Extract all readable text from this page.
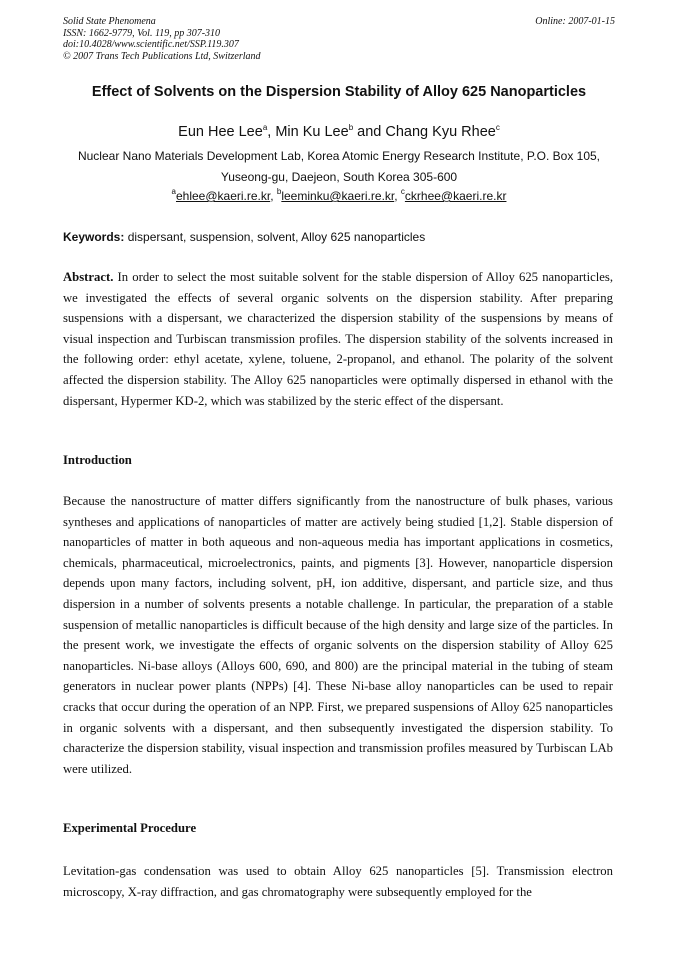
Solid State Phenomena
ISSN: 1662-9779, Vol. 119, pp 307-310
doi:10.4028/www.scientific.net/SSP.119.307
© 2007 Trans Tech Publications Ltd, Switzerland
Online: 2007-01-15
Effect of Solvents on the Dispersion Stability of Alloy 625 Nanoparticles
Eun Hee Lee$^a$, Min Ku Lee$^b$ and Chang Kyu Rhee$^c$
Nuclear Nano Materials Development Lab, Korea Atomic Energy Research Institute, P.O. Box 105,
Yuseong-gu, Daejeon, South Korea 305-600
$^a$ehlee@kaeri.re.kr, $^b$leeminku@kaeri.re.kr, $^c$ckrhee@kaeri.re.kr
Keywords: dispersant, suspension, solvent, Alloy 625 nanoparticles
Abstract. In order to select the most suitable solvent for the stable dispersion of Alloy 625 nanoparticles, we investigated the effects of several organic solvents on the dispersion stability. After preparing suspensions with a dispersant, we characterized the dispersion stability of the suspensions by means of visual inspection and Turbiscan transmission profiles. The dispersion stability of the solvents increased in the following order: ethyl acetate, xylene, toluene, 2-propanol, and ethanol. The polarity of the solvent affected the dispersion stability. The Alloy 625 nanoparticles were optimally dispersed in ethanol with the dispersant, Hypermer KD-2, which was stabilized by the steric effect of the dispersant.
Introduction
Because the nanostructure of matter differs significantly from the nanostructure of bulk phases, various syntheses and applications of nanoparticles of matter are actively being studied [1,2]. Stable dispersion of nanoparticles of matter in both aqueous and non-aqueous media has important applications in cosmetics, chemicals, pharmaceutical, microelectronics, paints, and pigments [3]. However, nanoparticle dispersion depends upon many factors, including solvent, pH, ion additive, dispersant, and particle size, and thus dispersion in a number of solvents presents a notable challenge. In particular, the preparation of a stable suspension of metallic nanoparticles is difficult because of the high density and large size of the particles. In the present work, we investigate the effects of organic solvents on the dispersion stability of Alloy 625 nanoparticles. Ni-base alloys (Alloys 600, 690, and 800) are the principal material in the tubing of steam generators in nuclear power plants (NPPs) [4]. These Ni-base alloy nanoparticles can be used to repair cracks that occur during the operation of an NPP. First, we prepared suspensions of Alloy 625 nanoparticles in organic solvents with a dispersant, and then subsequently investigated the dispersion stability. To characterize the dispersion stability, visual inspection and transmission profiles measured by Turbiscan LAb were utilized.
Experimental Procedure
Levitation-gas condensation was used to obtain Alloy 625 nanoparticles [5]. Transmission electron microscopy, X-ray diffraction, and gas chromatography were subsequently employed for the
